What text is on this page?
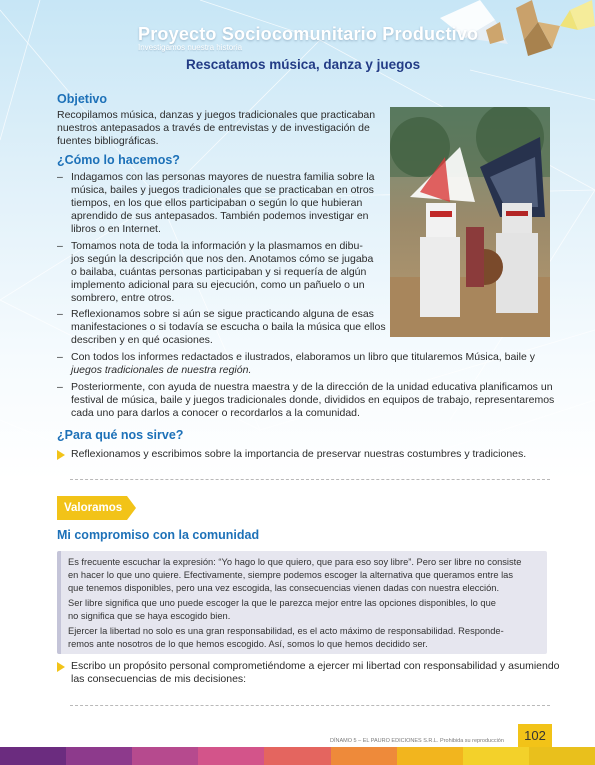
Proyecto Sociocomunitario Productivo
Investigamos nuestra historia
Rescatamos música, danza y juegos
Objetivo

Recopilamos música, danzas y juegos tradicionales que practicaban

nuestros antepasados a través de entrevistas y de investigación de

fuentes bibliográficas.

¿Cómo lo hacemos?
– Indagamos con las personas mayores de nuestra familia sobre la
música, bailes y juegos tradicionales que se practicaban en otros
tiempos, en los que ellos participaban o según lo que hubieran
aprendido de sus antepasados. También podemos investigar en
libros o en Internet.
– Tomamos nota de toda la información y la plasmamos en dibu-
jos según la descripción que nos den. Anotamos cómo se jugaba
o bailaba, cuántas personas participaban y si requería de algún
implemento adicional para su ejecución, como un pañuelo o un
sombrero, entre otros.
– Reflexionamos sobre si aún se sigue practicando alguna de esas
manifestaciones o si todavía se escucha o baila la música que ellos
describen y en qué ocasiones.
– Con todos los informes redactados e ilustrados, elaboramos un libro que titularemos Música, baile y
juegos tradicionales de nuestra región.
– Posteriormente, con ayuda de nuestra maestra y de la dirección de la unidad educativa planificamos un
festival de música, baile y juegos tradicionales donde, divididos en equipos de trabajo, representaremos
cada uno para darlos a conocer o recordarlos a la comunidad.
¿Para qué nos sirve?

Reflexionamos y escribimos sobre la importancia de preservar nuestras costumbres y tradiciones.

Valoramos
Mi compromiso con la comunidad

Es frecuente escuchar la expresión: “Yo hago lo que quiero, que para eso soy libre”. Pero ser libre no consiste

en hacer lo que uno quiere. Efectivamente, siempre podemos escoger la alternativa que queramos entre las

que tenemos disponibles, pero una vez escogida, las consecuencias vienen dadas con nuestra elección.

Ser libre significa que uno puede escoger la que le parezca mejor entre las opciones disponibles, lo que

no significa que se haya escogido bien.

Ejercer la libertad no solo es una gran responsabilidad, es el acto máximo de responsabilidad. Responde-

remos ante nosotros de lo que hemos escogido. Así, somos lo que hemos decidido ser.

Escribo un propósito personal comprometiéndome a ejercer mi libertad con responsabilidad y asumiendo

las consecuencias de mis decisiones:

DÍNAMO 5 – EL PAURO EDICIONES S.R.L. Prohibida su reproducción	102
